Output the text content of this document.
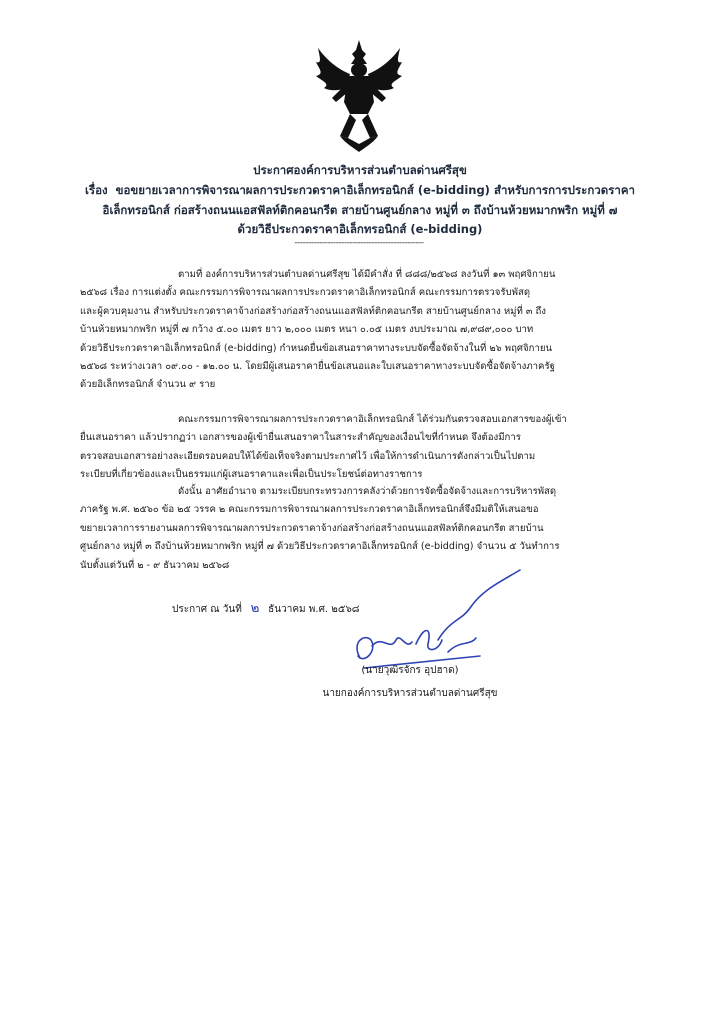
ประกาศองค์การบริหารส่วนตำบลด่านศรีสุข
เรื่อง ขอขยายเวลาการพิจารณาผลการประกวดราคาอิเล็กทรอนิกส์ (e-bidding) สำหรับการการประกวดราคา
อิเล็กทรอนิกส์ ก่อสร้างถนนแอสฟัลท์ติกคอนกรีต สายบ้านศูนย์กลาง หมู่ที่ ๓ ถึงบ้านห้วยหมากพริก หมู่ที่ ๗
ด้วยวิธีประกวดราคาอิเล็กทรอนิกส์ (e-bidding)
-----------------------------------------------

ตามที่ องค์การบริหารส่วนตำบลด่านศรีสุข ได้มีคำสั่ง ที่ ๘๘๘/๒๕๖๘ ลงวันที่ ๑๓ พฤศจิกายน

๒๕๖๘ เรื่อง การแต่งตั้ง คณะกรรมการพิจารณาผลการประกวดราคาอิเล็กทรอนิกส์ คณะกรรมการตรวจรับพัสดุ

และผู้ควบคุมงาน สำหรับประกวดราคาจ้างก่อสร้างก่อสร้างถนนแอสฟัลท์ติกคอนกรีต สายบ้านศูนย์กลาง หมู่ที่ ๓ ถึง

บ้านห้วยหมากพริก หมู่ที่ ๗ กว้าง ๕.๐๐ เมตร ยาว ๒,๐๐๐ เมตร หนา ๐.๐๕ เมตร งบประมาณ ๗,๙๘๙,๐๐๐ บาท

ด้วยวิธีประกวดราคาอิเล็กทรอนิกส์ (e-bidding) กำหนดยื่นข้อเสนอราคาทางระบบจัดซื้อจัดจ้างในที่ ๒๖ พฤศจิกายน

๒๕๖๘ ระหว่างเวลา ๐๙.๐๐ - ๑๒.๐๐ น. โดยมีผู้เสนอราคายื่นข้อเสนอและใบเสนอราคาทางระบบจัดซื้อจัดจ้างภาครัฐ

ด้วยอิเล็กทรอนิกส์ จำนวน ๙ ราย

คณะกรรมการพิจารณาผลการประกวดราคาอิเล็กทรอนิกส์ ได้ร่วมกันตรวจสอบเอกสารของผู้เข้า

ยื่นเสนอราคา แล้วปรากฏว่า เอกสารของผู้เข้ายื่นเสนอราคาในสาระสำคัญของเงื่อนไขที่กำหนด จึงต้องมีการ

ตรวจสอบเอกสารอย่างละเอียดรอบคอบให้ได้ข้อเท็จจริงตามประกาศไว้ เพื่อให้การดำเนินการดังกล่าวเป็นไปตาม

ระเบียบที่เกี่ยวข้องและเป็นธรรมแก่ผู้เสนอราคาและเพื่อเป็นประโยชน์ต่อทางราชการ

ดังนั้น อาศัยอำนาจ ตามระเบียบกระทรวงการคลังว่าด้วยการจัดซื้อจัดจ้างและการบริหารพัสดุ

ภาครัฐ พ.ศ. ๒๕๖๐ ข้อ ๒๕ วรรค ๒ คณะกรรมการพิจารณาผลการประกวดราคาอิเล็กทรอนิกส์จึงมีมติให้เสนอขอ

ขยายเวลาการรายงานผลการพิจารณาผลการประกวดราคาจ้างก่อสร้างก่อสร้างถนนแอสฟัลท์ติกคอนกรีต สายบ้าน

ศูนย์กลาง หมู่ที่ ๓ ถึงบ้านห้วยหมากพริก หมู่ที่ ๗ ด้วยวิธีประกวดราคาอิเล็กทรอนิกส์ (e-bidding) จำนวน ๕ วันทำการ

นับตั้งแต่วันที่ ๒ - ๙ ธันวาคม ๒๕๖๘

ประกาศ ณ วันที่ ๒ ธันวาคม พ.ศ. ๒๕๖๘
(นายวุฒิรจักร อุปฮาด)
นายกองค์การบริหารส่วนตำบลด่านศรีสุข
